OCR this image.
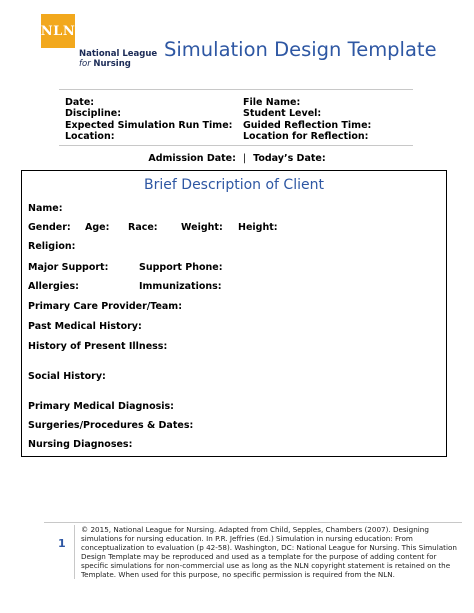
NLN
National League
for Nursing
Simulation Design Template
Date:
Discipline:
Expected Simulation Run Time:
Location:
File Name:
Student Level:
Guided Reflection Time:
Location for Reflection:
Admission Date: | Today’s Date:
Brief Description of Client
Name:
Gender: Age: Race: Weight: Height:
Religion:
Major Support:	Support Phone:
Allergies:	Immunizations:
Primary Care Provider/Team:
Past Medical History:
History of Present Illness:
Social History:
Primary Medical Diagnosis:
Surgeries/Procedures & Dates:
Nursing Diagnoses:
1
© 2015, National League for Nursing. Adapted from Child, Sepples, Chambers (2007). Designing simulations for nursing education. In P.R. Jeffries (Ed.) Simulation in nursing education: From conceptualization to evaluation (p 42-58). Washington, DC: National League for Nursing. This Simulation Design Template may be reproduced and used as a template for the purpose of adding content for specific simulations for non-commercial use as long as the NLN copyright statement is retained on the Template. When used for this purpose, no specific permission is required from the NLN.
